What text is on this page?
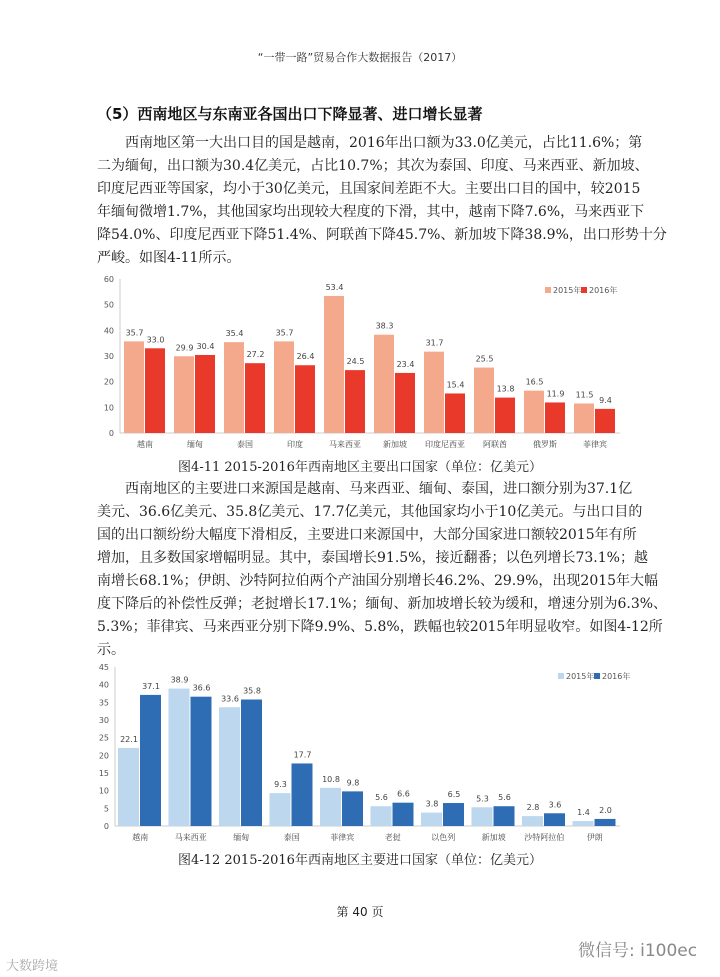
“一带一路”贸易合作大数据报告（2017）
（5）西南地区与东南亚各国出口下降显著、进口增长显著
西南地区第一大出口目的国是越南，2016年出口额为33.0亿美元，占比11.6%；第
二为缅甸，出口额为30.4亿美元，占比10.7%；其次为泰国、印度、马来西亚、新加坡、
印度尼西亚等国家，均小于30亿美元，且国家间差距不大。主要出口目的国中，较2015
年缅甸微增1.7%，其他国家均出现较大程度的下滑，其中，越南下降7.6%，马来西亚下
降54.0%、印度尼西亚下降51.4%、阿联酋下降45.7%、新加坡下降38.9%，出口形势十分
严峻。如图4-11所示。
0
10
20
30
40
50
60
35.7
33.0
越南
29.9 30.4
缅甸
35.4
27.2
泰国
35.7
26.4
印度
53.4
24.5
马来西亚
38.3
23.4
新加坡
31.7
15.4
印度尼西亚
25.5
13.8
阿联酋
16.5
11.9
俄罗斯
11.5
9.4
菲律宾
2015年 2016年
图4-11 2015-2016年西南地区主要出口国家（单位：亿美元）
西南地区的主要进口来源国是越南、马来西亚、缅甸、泰国，进口额分别为37.1亿
美元、36.6亿美元、35.8亿美元、17.7亿美元，其他国家均小于10亿美元。与出口目的
国的出口额纷纷大幅度下滑相反，主要进口来源国中，大部分国家进口额较2015年有所
增加，且多数国家增幅明显。其中，泰国增长91.5%，接近翻番；以色列增长73.1%；越
南增长68.1%；伊朗、沙特阿拉伯两个产油国分别增长46.2%、29.9%，出现2015年大幅
度下降后的补偿性反弹；老挝增长17.1%；缅甸、新加坡增长较为缓和，增速分别为6.3%、
5.3%；菲律宾、马来西亚分别下降9.9%、5.8%，跌幅也较2015年明显收窄。如图4-12所
示。
0
5
10
15
20
25
30
35
40
45
22.1
37.1
越南
38.9
36.6
马来西亚
33.6
35.8
缅甸
9.3
17.7
泰国
10.8 9.8
菲律宾
5.6 6.6
老挝
3.8
6.5
以色列
5.3 5.6
新加坡
2.8 3.6
沙特阿拉伯
1.4 2.0
伊朗
2015年 2016年
图4-12 2015-2016年西南地区主要进口国家（单位：亿美元）
第 40 页
大数跨境
微信号: i100ec
